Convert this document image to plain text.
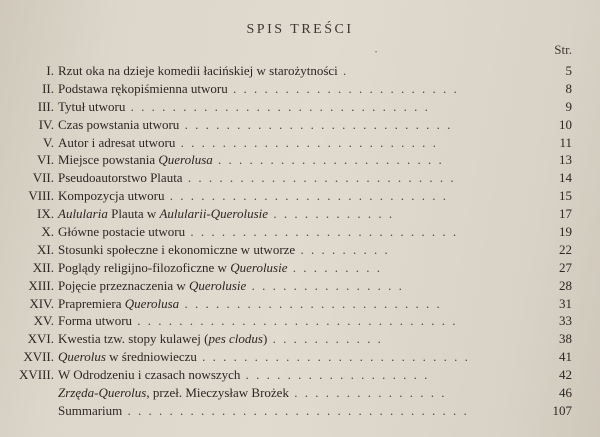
SPIS TREŚCI
Str.
•
I. Rzut oka na dzieje komedii łacińskiej w starożytności .	5
II. Podstawa rękopiśmienna utworu . . . . . . . . . . . . . . . . . . . . . .	8
III. Tytuł utworu . . . . . . . . . . . . . . . . . . . . . . . . . . . . .	9
IV. Czas powstania utworu . . . . . . . . . . . . . . . . . . . . . . . . . .	10
V. Autor i adresat utworu . . . . . . . . . . . . . . . . . . . . . . . . .	11
VI. Miejsce powstania Querolusa . . . . . . . . . . . . . . . . . . . . . .	13
VII. Pseudoautorstwo Plauta . . . . . . . . . . . . . . . . . . . . . . . . . .	14
VIII. Kompozycja utworu . . . . . . . . . . . . . . . . . . . . . . . . . . .	15
IX. Aulularia Plauta w Aulularii-Querolusie . . . . . . . . . . . .	17
X. Główne postacie utworu . . . . . . . . . . . . . . . . . . . . . . . . . .	19
XI. Stosunki społeczne i ekonomiczne w utworze . . . . . . . . .	22
XII. Poglądy religijno-filozoficzne w Querolusie . . . . . . . . .	27
XIII. Pojęcie przeznaczenia w Querolusie . . . . . . . . . . . . . . .	28
XIV. Prapremiera Querolusa . . . . . . . . . . . . . . . . . . . . . . . . .	31
XV. Forma utworu . . . . . . . . . . . . . . . . . . . . . . . . . . . . . . .	33
XVI. Kwestia tzw. stopy kulawej (pes clodus) . . . . . . . . . . .	38
XVII. Querolus w średniowieczu . . . . . . . . . . . . . . . . . . . . . . . . . .	41
XVIII. W Odrodzeniu i czasach nowszych . . . . . . . . . . . . . . . . . .	42
Zrzęda-Querolus, przeł. Mieczysław Brożek . . . . . . . . . . . . . . .	46
Summarium . . . . . . . . . . . . . . . . . . . . . . . . . . . . . . . . .	107
